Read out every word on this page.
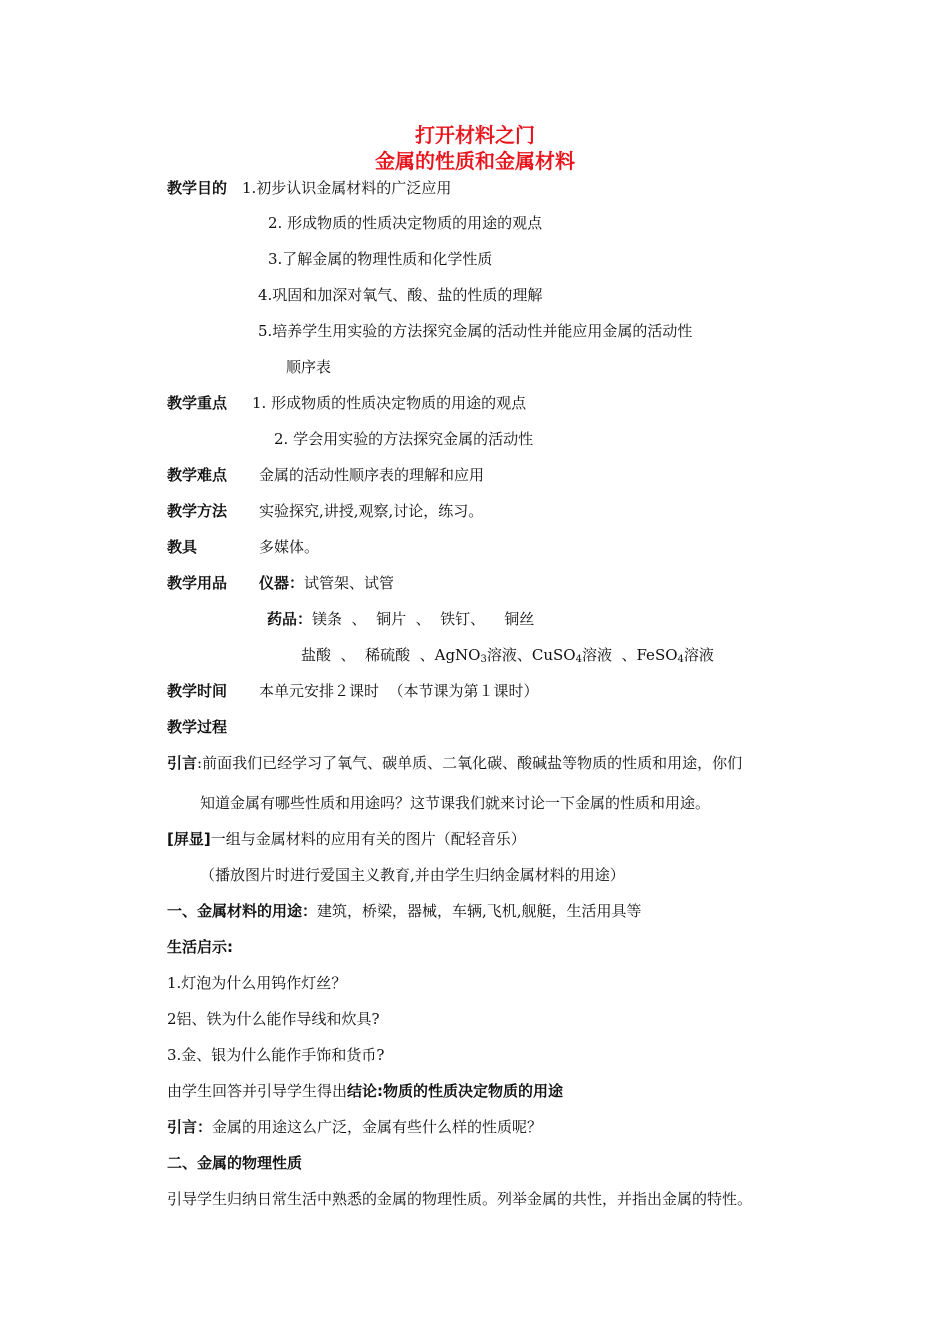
打开材料之门
金属的性质和金属材料
教学目的 1.初步认识金属材料的广泛应用
2. 形成物质的性质决定物质的用途的观点
3.了解金属的物理性质和化学性质
4.巩固和加深对氧气、酸、盐的性质的理解
5.培养学生用实验的方法探究金属的活动性并能应用金属的活动性
顺序表
教学重点 1. 形成物质的性质决定物质的用途的观点
2. 学会用实验的方法探究金属的活动性
教学难点 金属的活动性顺序表的理解和应用
教学方法 实验探究,讲授,观察,讨论，练习。
教具	多媒体。
教学用品 仪器：试管架、试管
药品：镁条  、  铜片  、  铁钉、    铜丝
盐酸  、  稀硫酸  、AgNO$_3$溶液、CuSO$_4$溶液  、FeSO$_4$溶液
教学时间 本单元安排２课时  （本节课为第１课时）
教学过程
引言:前面我们已经学习了氧气、碳单质、二氧化碳、酸碱盐等物质的性质和用途，你们
知道金属有哪些性质和用途吗？这节课我们就来讨论一下金属的性质和用途。
[屏显]一组与金属材料的应用有关的图片（配轻音乐）
（播放图片时进行爱国主义教育,并由学生归纳金属材料的用途）
一、金属材料的用途：建筑，桥梁，器械，车辆,飞机,舰艇，生活用具等
生活启示:
1.灯泡为什么用钨作灯丝？
2铝、铁为什么能作导线和炊具?
3.金、银为什么能作手饰和货币?
由学生回答并引导学生得出结论:物质的性质决定物质的用途
引言：金属的用途这么广泛，金属有些什么样的性质呢？
二、金属的物理性质
引导学生归纳日常生活中熟悉的金属的物理性质。列举金属的共性，并指出金属的特性。
